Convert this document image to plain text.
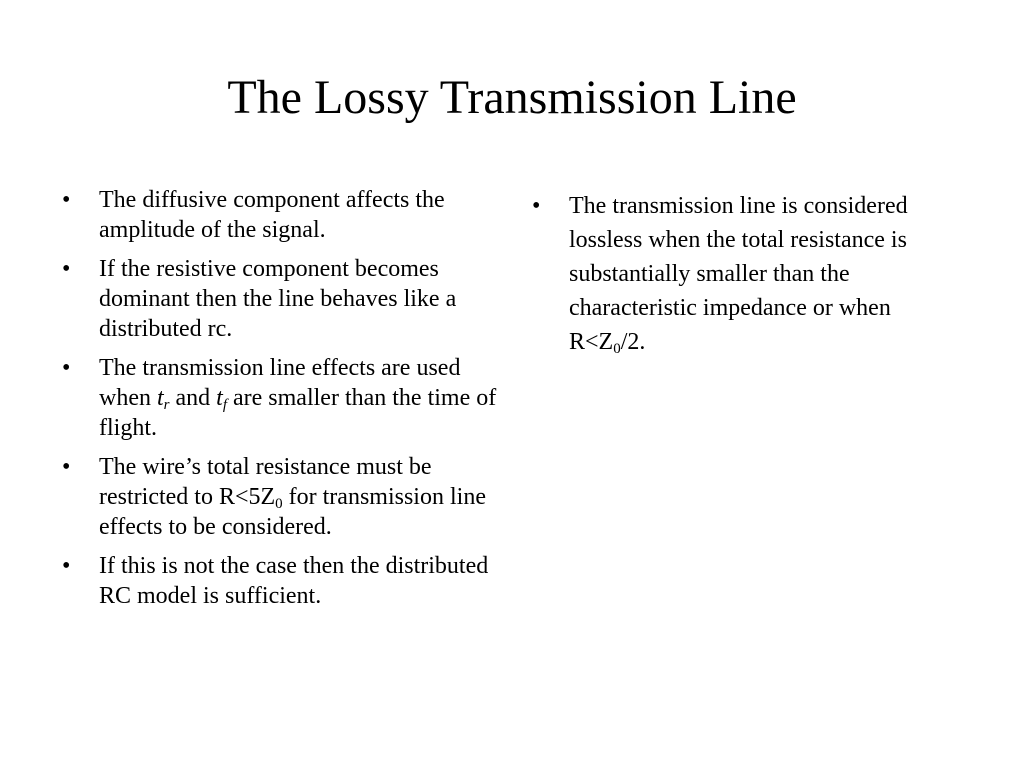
The Lossy Transmission Line
• The diffusive component affects the amplitude of the signal.
• If the resistive component becomes dominant then the line behaves like a distributed rc.
• The transmission line effects are used when $t_r$ and $t_f$ are smaller than the time of flight.
• The wire’s total resistance must be restricted to $R<5Z_0$ for transmission line effects to be considered.
• If this is not the case then the distributed RC model is sufficient.
• The transmission line is considered lossless when the total resistance is substantially smaller than the characteristic impedance or when $R<Z_0/2$.
